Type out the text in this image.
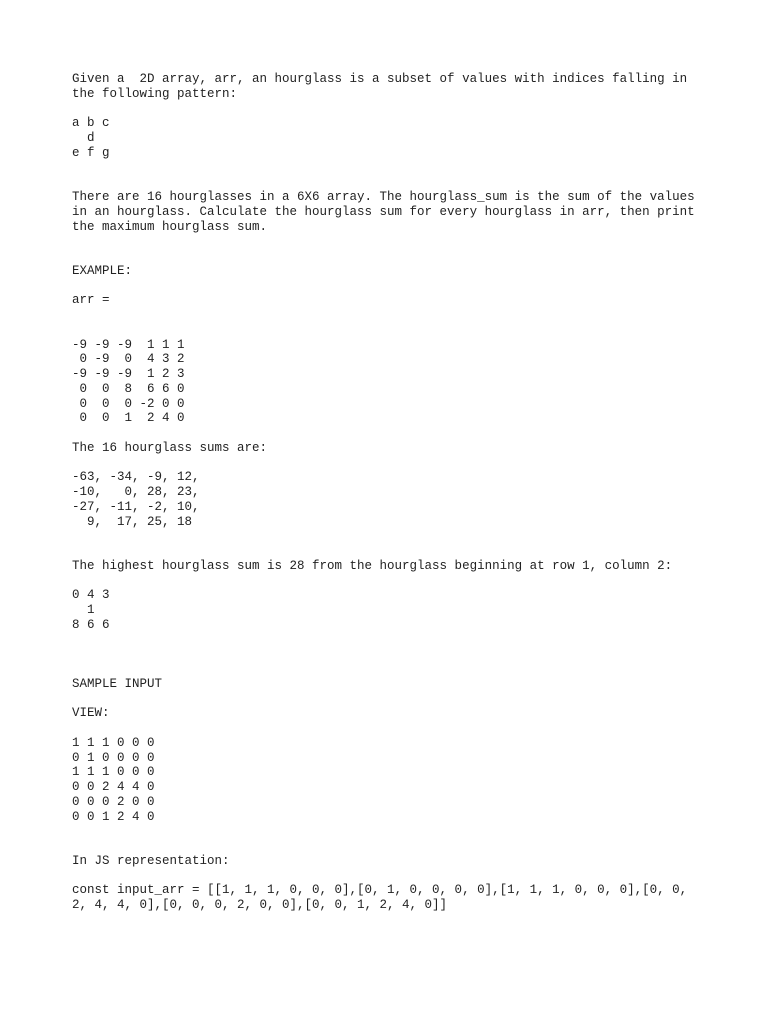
Given a  2D array, arr, an hourglass is a subset of values with indices falling in
the following pattern:
a b c
d
e f g
There are 16 hourglasses in a 6X6 array. The hourglass_sum is the sum of the values
in an hourglass. Calculate the hourglass sum for every hourglass in arr, then print
the maximum hourglass sum.
EXAMPLE:
arr =
-9 -9 -9  1 1 1
0 -9  0  4 3 2
-9 -9 -9  1 2 3
0  0  8  6 6 0
0  0  0 -2 0 0
0  0  1  2 4 0
The 16 hourglass sums are:
-63, -34, -9, 12,
-10,   0, 28, 23,
-27, -11, -2, 10,
9,  17, 25, 18
The highest hourglass sum is 28 from the hourglass beginning at row 1, column 2:
0 4 3
1
8 6 6
SAMPLE INPUT
VIEW:
1 1 1 0 0 0
0 1 0 0 0 0
1 1 1 0 0 0
0 0 2 4 4 0
0 0 0 2 0 0
0 0 1 2 4 0
In JS representation:
const input_arr = [[1, 1, 1, 0, 0, 0],[0, 1, 0, 0, 0, 0],[1, 1, 1, 0, 0, 0],[0, 0,
2, 4, 4, 0],[0, 0, 0, 2, 0, 0],[0, 0, 1, 2, 4, 0]]
